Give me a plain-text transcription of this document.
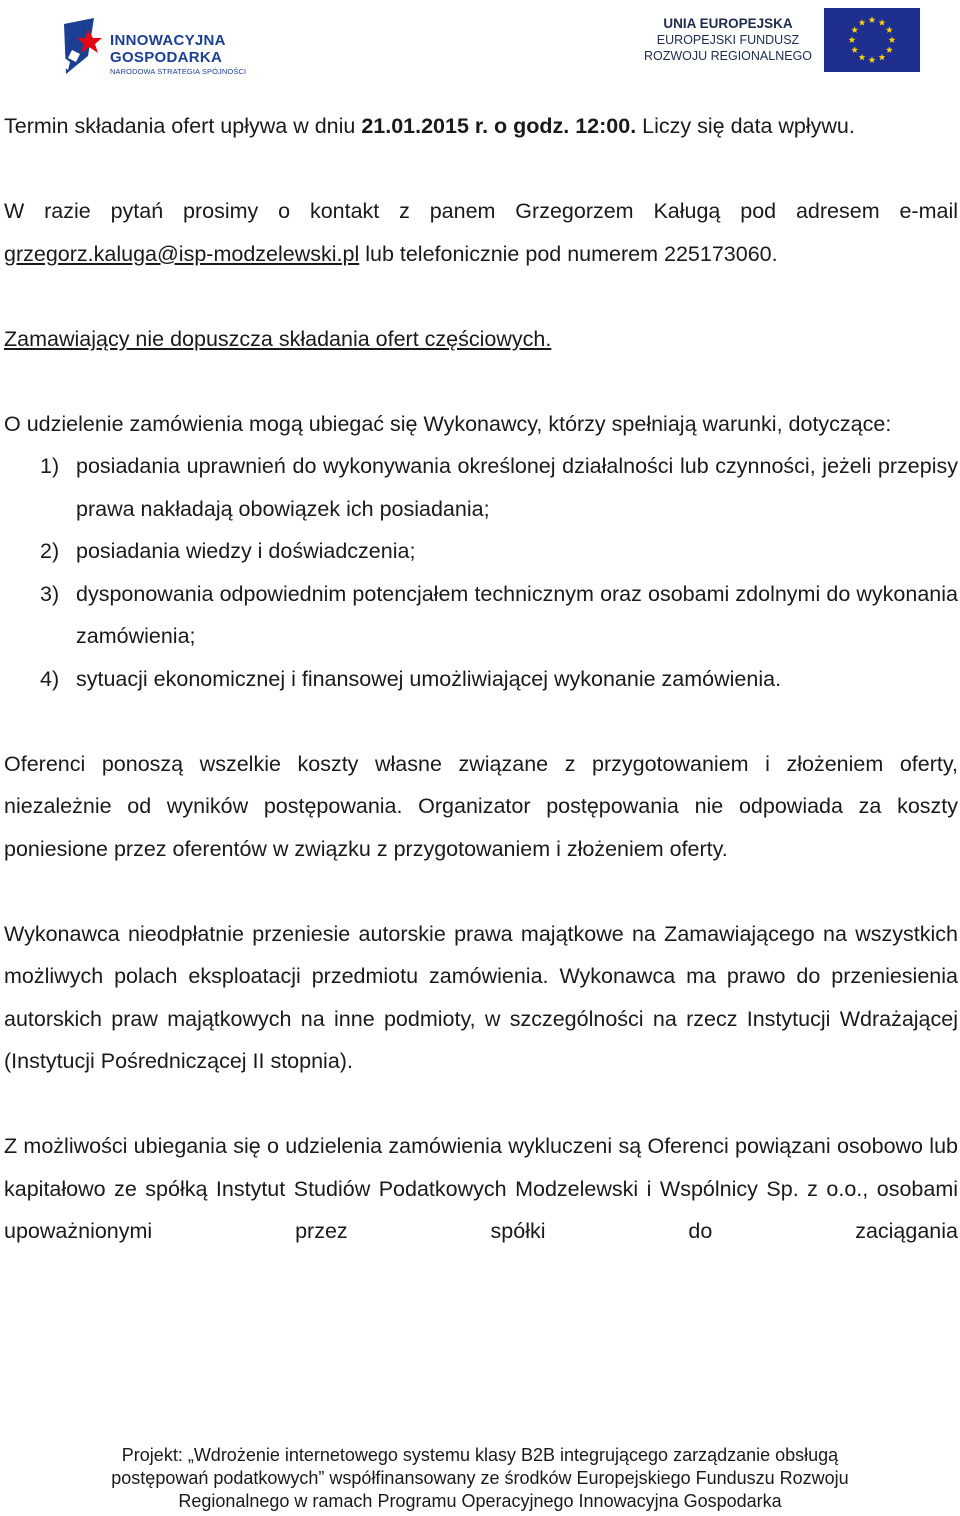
INNOWACYJNA
GOSPODARKA
NARODOWA STRATEGIA SPÓJNOŚCI
UNIA EUROPEJSKA
EUROPEJSKI FUNDUSZ
ROZWOJU REGIONALNEGO

Termin składania ofert upływa w dniu 21.01.2015 r. o godz. 12:00. Liczy się data wpływu.

W razie pytań prosimy o kontakt z panem Grzegorzem Kaługą pod adresem e-mail grzegorz.kaluga@isp-modzelewski.pl lub telefonicznie pod numerem 225173060.

Zamawiający nie dopuszcza składania ofert częściowych.

O udzielenie zamówienia mogą ubiegać się Wykonawcy, którzy spełniają warunki, dotyczące:

1) posiadania uprawnień do wykonywania określonej działalności lub czynności, jeżeli przepisy prawa nakładają obowiązek ich posiadania;
2) posiadania wiedzy i doświadczenia;
3) dysponowania odpowiednim potencjałem technicznym oraz osobami zdolnymi do wykonania zamówienia;
4) sytuacji ekonomicznej i finansowej umożliwiającej wykonanie zamówienia.

Oferenci ponoszą wszelkie koszty własne związane z przygotowaniem i złożeniem oferty, niezależnie od wyników postępowania. Organizator postępowania nie odpowiada za koszty poniesione przez oferentów w związku z przygotowaniem i złożeniem oferty.

Wykonawca nieodpłatnie przeniesie autorskie prawa majątkowe na Zamawiającego na wszystkich możliwych polach eksploatacji przedmiotu zamówienia. Wykonawca ma prawo do przeniesienia autorskich praw majątkowych na inne podmioty, w szczególności na rzecz Instytucji Wdrażającej (Instytucji Pośredniczącej II stopnia).

Z możliwości ubiegania się o udzielenia zamówienia wykluczeni są Oferenci powiązani osobowo lub kapitałowo ze spółką Instytut Studiów Podatkowych Modzelewski i Wspólnicy Sp. z o.o., osobami upoważnionymi przez spółki do zaciągania

Projekt: „Wdrożenie internetowego systemu klasy B2B integrującego zarządzanie obsługą
postępowań podatkowych” współfinansowany ze środków Europejskiego Funduszu Rozwoju
Regionalnego w ramach Programu Operacyjnego Innowacyjna Gospodarka
